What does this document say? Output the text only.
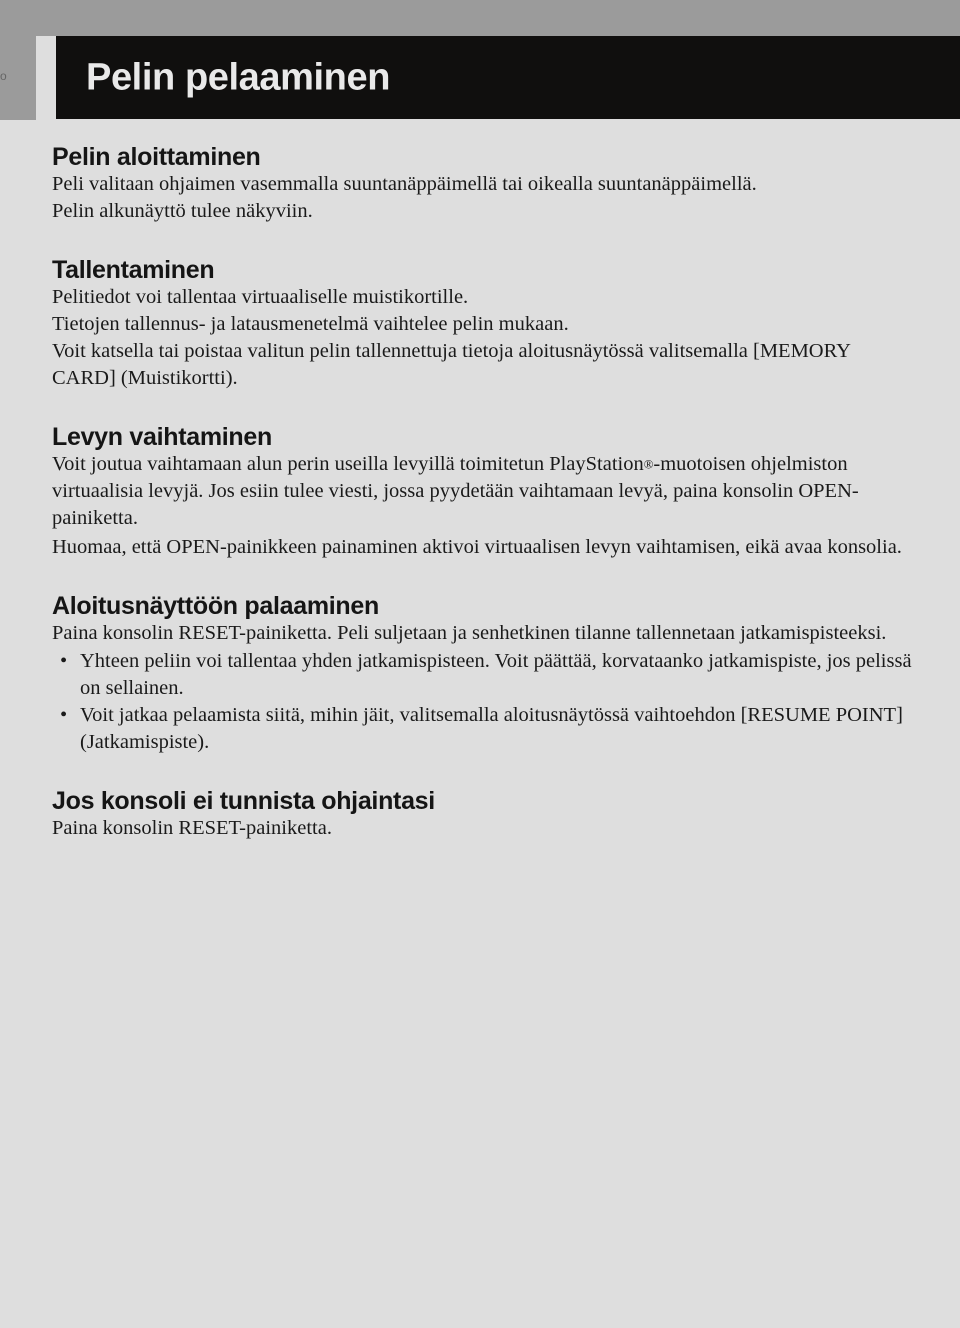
o Pelin pelaaminen
Pelin aloittaminen

Peli valitaan ohjaimen vasemmalla suuntanäppäimellä tai oikealla suuntanäppäimellä.

Pelin alkunäyttö tulee näkyviin.

Tallentaminen

Pelitiedot voi tallentaa virtuaaliselle muistikortille.

Tietojen tallennus- ja latausmenetelmä vaihtelee pelin mukaan.

Voit katsella tai poistaa valitun pelin tallennettuja tietoja aloitusnäytössä valitsemalla [MEMORY CARD] (Muistikortti).

Levyn vaihtaminen

Voit joutua vaihtamaan alun perin useilla levyillä toimitetun PlayStation®-muotoisen ohjelmiston virtuaalisia levyjä. Jos esiin tulee viesti, jossa pyydetään vaihtamaan levyä, paina konsolin OPEN-painiketta.

Huomaa, että OPEN-painikkeen painaminen aktivoi virtuaalisen levyn vaihtamisen, eikä avaa konsolia.

Aloitusnäyttöön palaaminen

Paina konsolin RESET-painiketta. Peli suljetaan ja senhetkinen tilanne tallennetaan jatkamispisteeksi.

• Yhteen peliin voi tallentaa yhden jatkamispisteen. Voit päättää, korvataanko jatkamispiste, jos pelissä on sellainen.
• Voit jatkaa pelaamista siitä, mihin jäit, valitsemalla aloitusnäytössä vaihtoehdon [RESUME POINT] (Jatkamispiste).
Jos konsoli ei tunnista ohjaintasi

Paina konsolin RESET-painiketta.
